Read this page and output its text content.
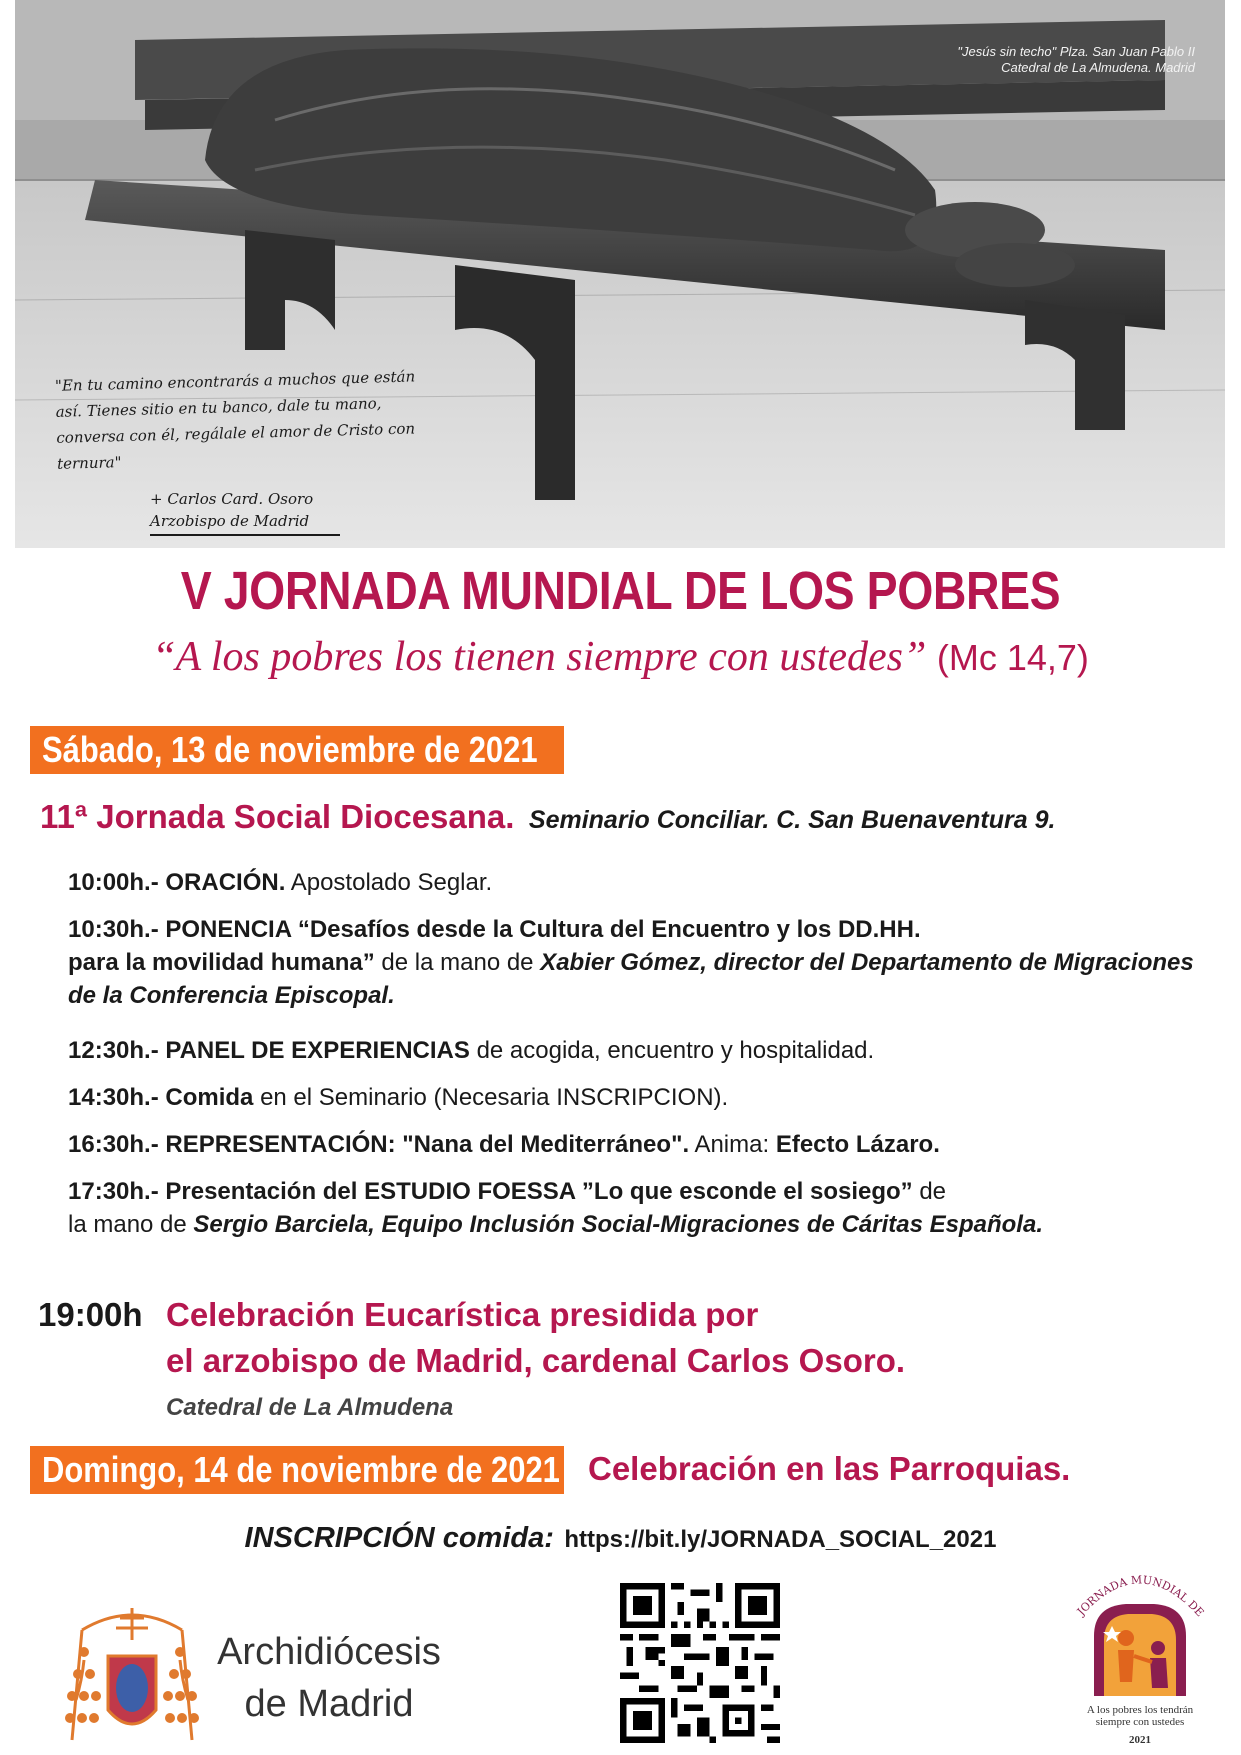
"Jesús sin techo" Plza. San Juan Pablo II
Catedral de La Almudena. Madrid
"En tu camino encontrarás a muchos que están así. Tienes sitio en tu banco, dale tu mano, conversa con él, regálale el amor de Cristo con ternura"
+ Carlos Card. Osoro
Arzobispo de Madrid
V JORNADA MUNDIAL DE LOS POBRES
“A los pobres los tienen siempre con ustedes” (Mc 14,7)
Sábado, 13 de noviembre de 2021
11ª Jornada Social Diocesana. Seminario Conciliar. C. San Buenaventura 9.
10:00h.- ORACIÓN. Apostolado Seglar.
10:30h.- PONENCIA “Desafíos desde la Cultura del Encuentro y los DD.HH.
para la movilidad humana” de la mano de Xabier Gómez, director del Departamento de Migraciones de la Conferencia Episcopal.
12:30h.- PANEL DE EXPERIENCIAS de acogida, encuentro y hospitalidad.
14:30h.- Comida en el Seminario (Necesaria INSCRIPCION).
16:30h.- REPRESENTACIÓN: "Nana del Mediterráneo". Anima: Efecto Lázaro.
17:30h.- Presentación del ESTUDIO FOESSA ”Lo que esconde el sosiego” de
la mano de Sergio Barciela, Equipo Inclusión Social-Migraciones de Cáritas Española.
19:00h Celebración Eucarística presidida por
el arzobispo de Madrid, cardenal Carlos Osoro.
Catedral de La Almudena
Domingo, 14 de noviembre de 2021 Celebración en las Parroquias.
INSCRIPCIÓN comida: https://bit.ly/JORNADA_SOCIAL_2021
Archidiócesis
de Madrid
JORNADA MUNDIAL DE
A los pobres los tendrán
siempre con ustedes
2021
